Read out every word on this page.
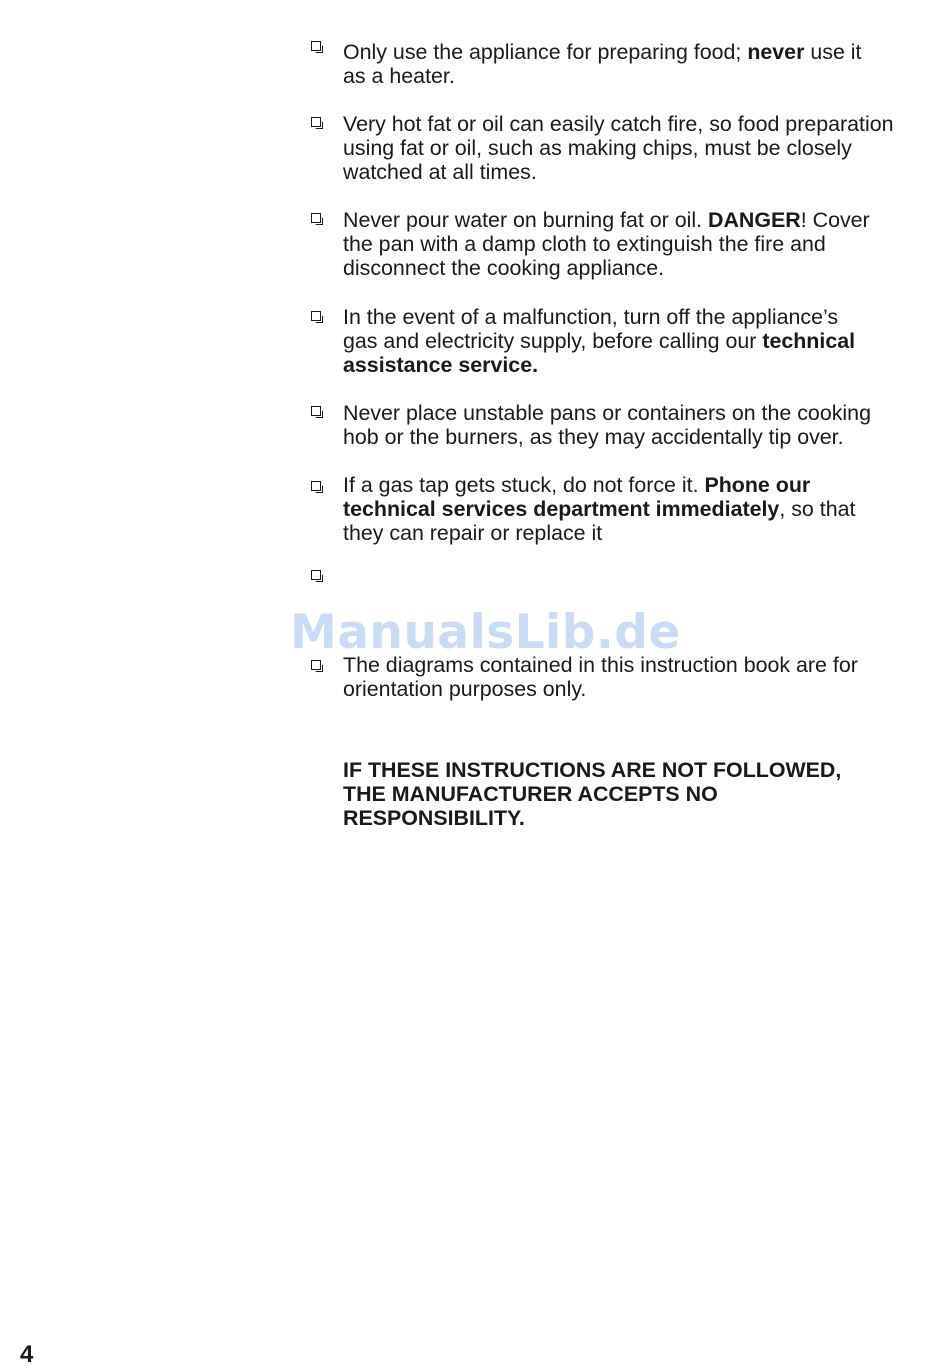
Only use the appliance for preparing food; never use it
as a heater.
Very hot fat or oil can easily catch fire, so food preparation
using fat or oil, such as making chips, must be closely
watched at all times.
Never pour water on burning fat or oil. DANGER! Cover
the pan with a damp cloth to extinguish the fire and
disconnect the cooking appliance.
In the event of a malfunction, turn off the appliance’s
gas and electricity supply, before calling our technical
assistance service.
Never place unstable pans or containers on the cooking
hob or the burners, as they may accidentally tip over.
If a gas tap gets stuck, do not force it. Phone our
technical services department immediately, so that
they can repair or replace it
The diagrams contained in this instruction book are for
orientation purposes only.
ManualsLib.de
IF THESE INSTRUCTIONS ARE NOT FOLLOWED,
THE MANUFACTURER ACCEPTS NO
RESPONSIBILITY.
4
